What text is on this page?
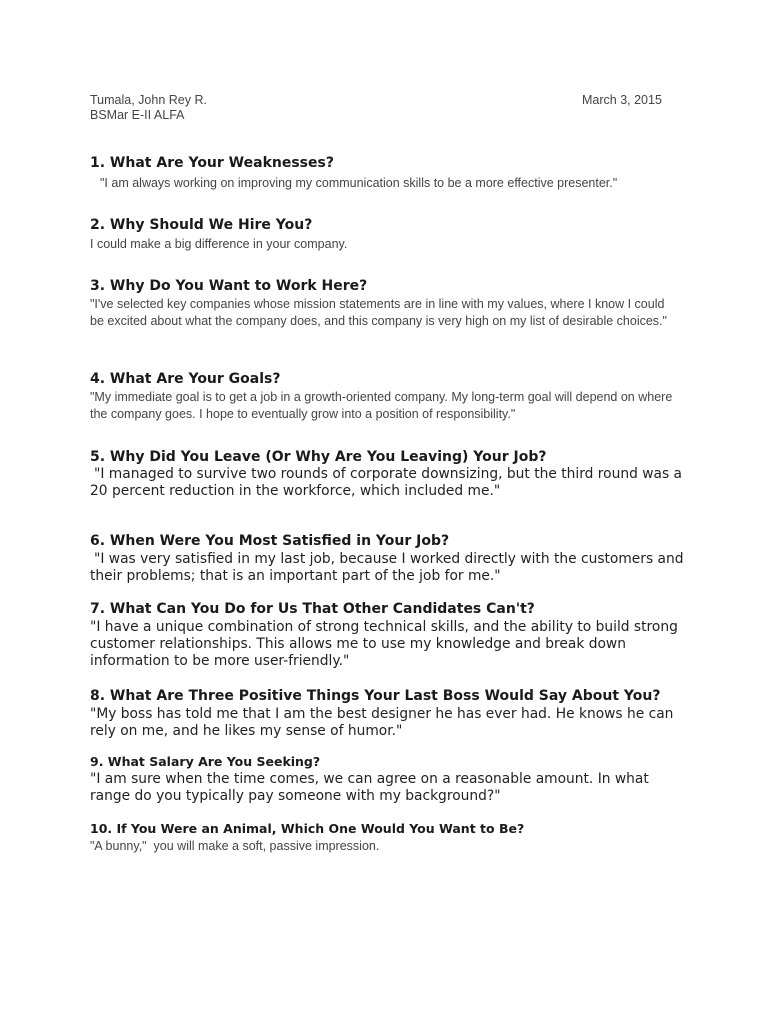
Tumala, John Rey R.
BSMar E-II ALFA
March 3, 2015
1. What Are Your Weaknesses?
"I am always working on improving my communication skills to be a more effective presenter."
2. Why Should We Hire You?
I could make a big difference in your company.
3. Why Do You Want to Work Here?
"I've selected key companies whose mission statements are in line with my values, where I know I could be excited about what the company does, and this company is very high on my list of desirable choices."
4. What Are Your Goals?
"My immediate goal is to get a job in a growth-oriented company. My long-term goal will depend on where the company goes. I hope to eventually grow into a position of responsibility."
5. Why Did You Leave (Or Why Are You Leaving) Your Job?
"I managed to survive two rounds of corporate downsizing, but the third round was a 20 percent reduction in the workforce, which included me."
6. When Were You Most Satisfied in Your Job?
"I was very satisfied in my last job, because I worked directly with the customers and their problems; that is an important part of the job for me."
7. What Can You Do for Us That Other Candidates Can't?
"I have a unique combination of strong technical skills, and the ability to build strong customer relationships. This allows me to use my knowledge and break down information to be more user-friendly."
8. What Are Three Positive Things Your Last Boss Would Say About You?
"My boss has told me that I am the best designer he has ever had. He knows he can rely on me, and he likes my sense of humor."
9. What Salary Are You Seeking?
"I am sure when the time comes, we can agree on a reasonable amount. In what range do you typically pay someone with my background?"
10. If You Were an Animal, Which One Would You Want to Be?
"A bunny,"  you will make a soft, passive impression.
